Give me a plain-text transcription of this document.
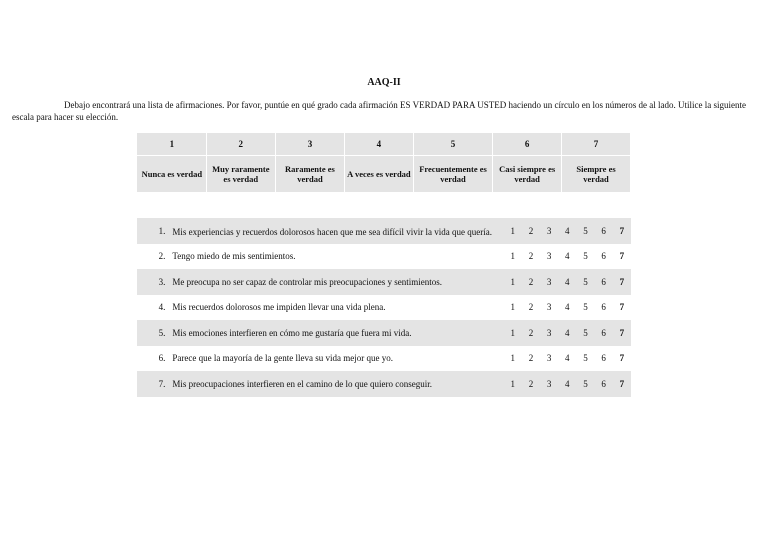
AAQ-II
Debajo encontrará una lista de afirmaciones. Por favor, puntúe en qué grado cada afirmación ES VERDAD PARA USTED haciendo un círculo en los números de al lado. Utilice la siguiente escala para hacer su elección.
1	2	3	4	5	6	7
Nunca es verdad	Muy raramente es verdad	Raramente es verdad	A veces es verdad	Frecuentemente es verdad	Casi siempre es verdad	Siempre es verdad
1.	Mis experiencias y recuerdos dolorosos hacen que me sea difícil vivir la vida que quería.	1	2	3	4	5	6	7
2.	Tengo miedo de mis sentimientos.	1	2	3	4	5	6	7
3.	Me preocupa no ser capaz de controlar mis preocupaciones y sentimientos.	1	2	3	4	5	6	7
4.	Mis recuerdos dolorosos me impiden llevar una vida plena.	1	2	3	4	5	6	7
5.	Mis emociones interfieren en cómo me gustaría que fuera mi vida.	1	2	3	4	5	6	7
6.	Parece que la mayoría de la gente lleva su vida mejor que yo.	1	2	3	4	5	6	7
7.	Mis preocupaciones interfieren en el camino de lo que quiero conseguir.	1	2	3	4	5	6	7
